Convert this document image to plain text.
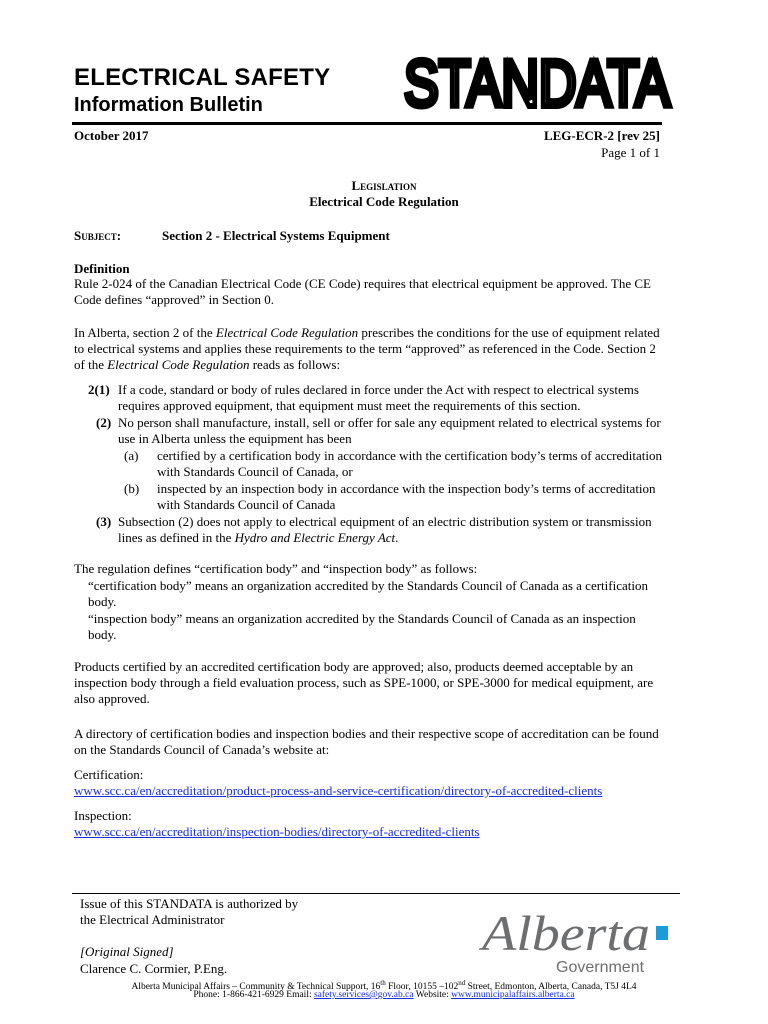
ELECTRICAL SAFETY
Information Bulletin STANDATA
October 2017	LEG-ECR-2 [rev 25]
Page 1 of 1
Legislation
Electrical Code Regulation
Subject:	Section 2 - Electrical Systems Equipment
Definition

Rule 2-024 of the Canadian Electrical Code (CE Code) requires that electrical equipment be approved. The CE

Code defines “approved” in Section 0.

In Alberta, section 2 of the Electrical Code Regulation prescribes the conditions for the use of equipment related

to electrical systems and applies these requirements to the term “approved” as referenced in the Code. Section 2

of the Electrical Code Regulation reads as follows:

2(1) If a code, standard or body of rules declared in force under the Act with respect to electrical systems
requires approved equipment, that equipment must meet the requirements of this section.
(2) No person shall manufacture, install, sell or offer for sale any equipment related to electrical systems for
use in Alberta unless the equipment has been
(a) certified by a certification body in accordance with the certification body’s terms of accreditation
with Standards Council of Canada, or
(b) inspected by an inspection body in accordance with the inspection body’s terms of accreditation
with Standards Council of Canada
(3) Subsection (2) does not apply to electrical equipment of an electric distribution system or transmission
lines as defined in the Hydro and Electric Energy Act.
The regulation defines “certification body” and “inspection body” as follows:
“certification body” means an organization accredited by the Standards Council of Canada as a certification
body.
“inspection body” means an organization accredited by the Standards Council of Canada as an inspection
body.

Products certified by an accredited certification body are approved; also, products deemed acceptable by an

inspection body through a field evaluation process, such as SPE-1000, or SPE-3000 for medical equipment, are

also approved.

A directory of certification bodies and inspection bodies and their respective scope of accreditation can be found

on the Standards Council of Canada’s website at:

Certification:
www.scc.ca/en/accreditation/product-process-and-service-certification/directory-of-accredited-clients
Inspection:
www.scc.ca/en/accreditation/inspection-bodies/directory-of-accredited-clients
Issue of this STANDATA is authorized by
the Electrical Administrator
[Original Signed]
Clarence C. Cormier, P.Eng.
Alberta
Government
Alberta Municipal Affairs – Community & Technical Support, 16th Floor, 10155 –102nd Street, Edmonton, Alberta, Canada, T5J 4L4
Phone: 1-866-421-6929 Email: safety.services@gov.ab.ca Website: www.municipalaffairs.alberta.ca
